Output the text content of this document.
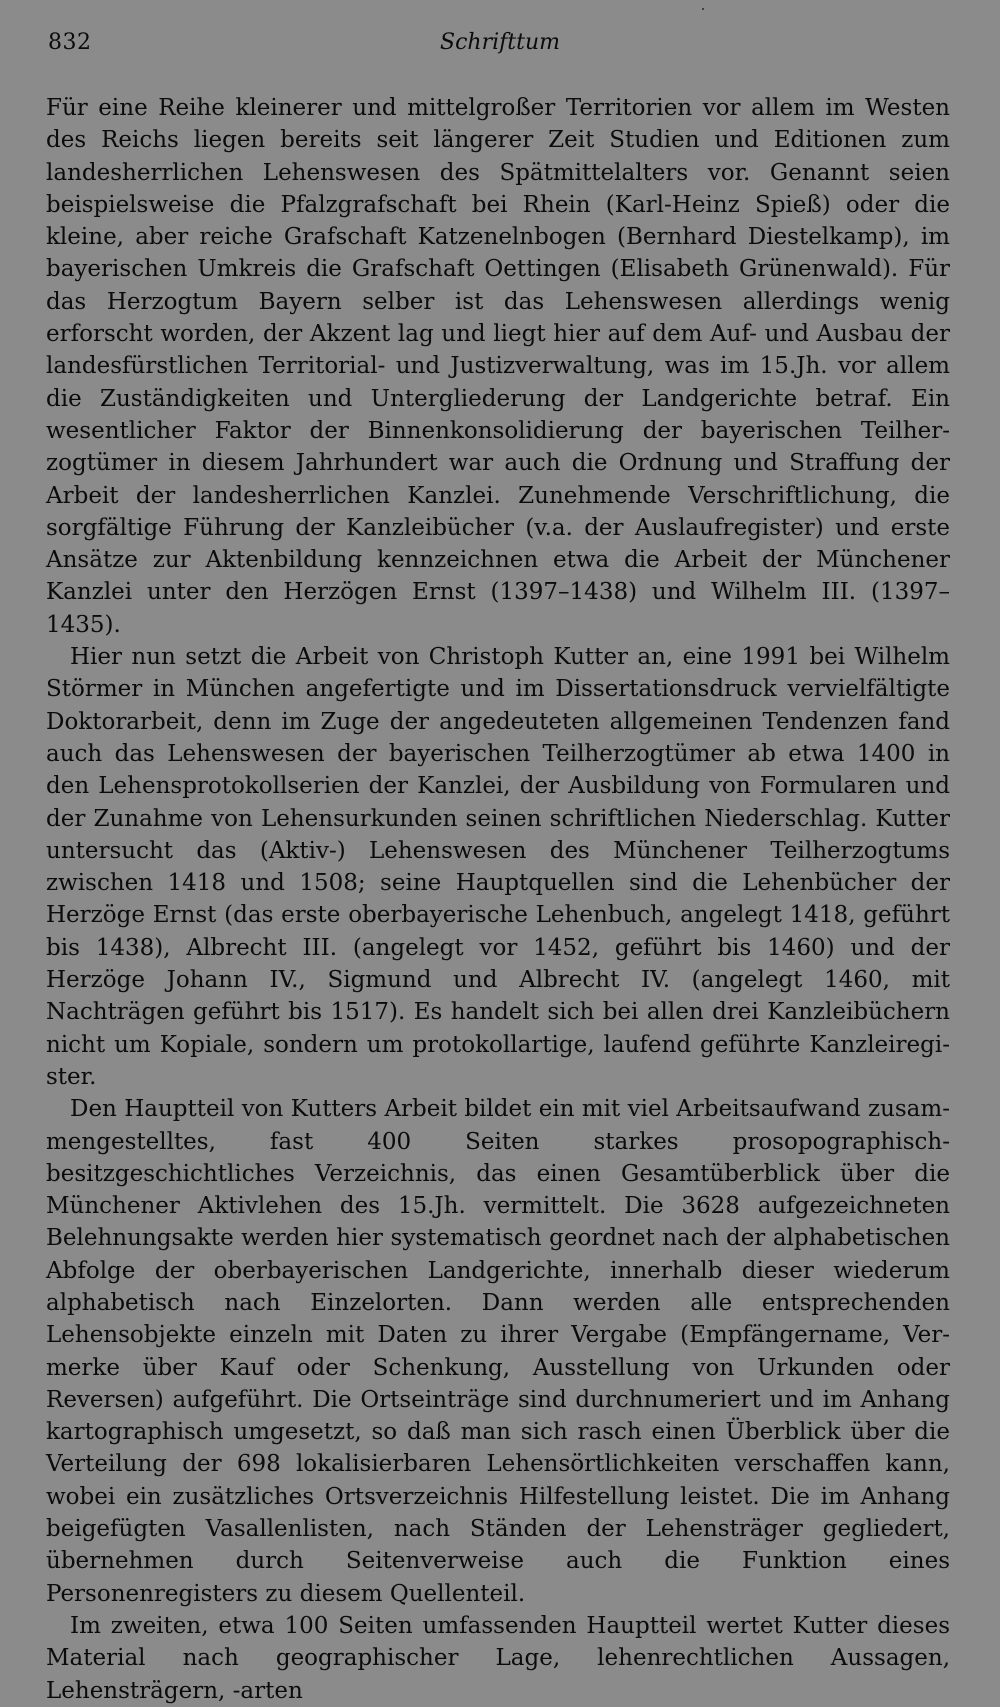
832	Schrifttum

Für eine Reihe kleinerer und mittelgroßer Territorien vor allem im Westen des Reichs liegen bereits seit längerer Zeit Studien und Editionen zum landesherrlichen Lehenswesen des Spätmittelalters vor. Genannt seien beispielsweise die Pfalzgrafschaft bei Rhein (Karl-Heinz Spieß) oder die kleine, aber reiche Grafschaft Katzenelnbogen (Bernhard Diestelkamp), im bayerischen Umkreis die Grafschaft Oettingen (Elisabeth Grünenwald). Für das Herzogtum Bayern selber ist das Lehenswesen allerdings wenig erforscht worden, der Akzent lag und liegt hier auf dem Auf- und Ausbau der landesfürstlichen Territorial- und Justizverwaltung, was im 15.Jh. vor allem die Zuständigkeiten und Untergliederung der Landgerichte betraf. Ein wesentlicher Faktor der Binnenkonsolidierung der bayerischen Teilherzogtümer in diesem Jahrhundert war auch die Ordnung und Straffung der Arbeit der landesherrlichen Kanzlei. Zunehmende Verschriftlichung, die sorgfältige Führung der Kanzleibücher (v.a. der Auslaufregister) und erste Ansätze zur Aktenbildung kennzeichnen etwa die Arbeit der Münchener Kanzlei unter den Herzögen Ernst (1397–1438) und Wilhelm III. (1397–1435).

Hier nun setzt die Arbeit von Christoph Kutter an, eine 1991 bei Wilhelm Störmer in München angefertigte und im Dissertationsdruck vervielfältigte Doktorarbeit, denn im Zuge der angedeuteten allgemeinen Tendenzen fand auch das Lehenswesen der bayerischen Teilherzogtümer ab etwa 1400 in den Lehensprotokollserien der Kanzlei, der Ausbildung von Formularen und der Zunahme von Lehensurkunden seinen schriftlichen Niederschlag. Kutter untersucht das (Aktiv-) Lehenswesen des Münchener Teilherzogtums zwischen 1418 und 1508; seine Hauptquellen sind die Lehenbücher der Herzöge Ernst (das erste oberbayerische Lehenbuch, angelegt 1418, geführt bis 1438), Albrecht III. (angelegt vor 1452, geführt bis 1460) und der Herzöge Johann IV., Sigmund und Albrecht IV. (angelegt 1460, mit Nachträgen geführt bis 1517). Es handelt sich bei allen drei Kanzleibüchern nicht um Kopiale, sondern um protokollartige, laufend geführte Kanzleiregister.

Den Hauptteil von Kutters Arbeit bildet ein mit viel Arbeitsaufwand zusammengestelltes, fast 400 Seiten starkes prosopographisch-besitzgeschichtliches Verzeichnis, das einen Gesamtüberblick über die Münchener Aktivlehen des 15.Jh. vermittelt. Die 3628 aufgezeichneten Belehnungsakte werden hier systematisch geordnet nach der alphabetischen Abfolge der oberbayerischen Landgerichte, innerhalb dieser wiederum alphabetisch nach Einzelorten. Dann werden alle entsprechenden Lehensobjekte einzeln mit Daten zu ihrer Vergabe (Empfängername, Vermerke über Kauf oder Schenkung, Ausstellung von Urkunden oder Reversen) aufgeführt. Die Ortseinträge sind durchnumeriert und im Anhang kartographisch umgesetzt, so daß man sich rasch einen Überblick über die Verteilung der 698 lokalisierbaren Lehensörtlichkeiten verschaffen kann, wobei ein zusätzliches Ortsverzeichnis Hilfestellung leistet. Die im Anhang beigefügten Vasallenlisten, nach Ständen der Lehensträger gegliedert, übernehmen durch Seitenverweise auch die Funktion eines Personenregisters zu diesem Quellenteil.

Im zweiten, etwa 100 Seiten umfassenden Hauptteil wertet Kutter dieses Material nach geographischer Lage, lehenrechtlichen Aussagen, Lehensträgern, -arten
